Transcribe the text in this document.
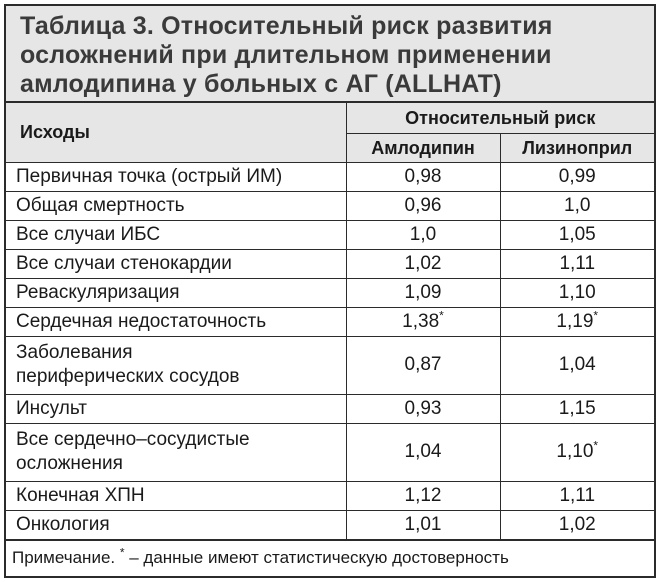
Таблица 3. Относительный риск развития
осложнений при длительном применении
амлодипина у больных с АГ (ALLHAT)
Исходы	Относительный риск	
	Амлодипин	Лизиноприл
Первичная точка (острый ИМ)	0,98	0,99
Общая смертность	0,96	1,0
Все случаи ИБС	1,0	1,05
Все случаи стенокардии	1,02	1,11
Реваскуляризация	1,09	1,10
Сердечная недостаточность	1,38*	1,19*
Заболевания
периферических сосудов	0,87	1,04
Инсульт	0,93	1,15
Все сердечно–сосудистые
осложнения	1,04	1,10*
Конечная ХПН	1,12	1,11
Онкология	1,01	1,02
Примечание. * – данные имеют статистическую достоверность
